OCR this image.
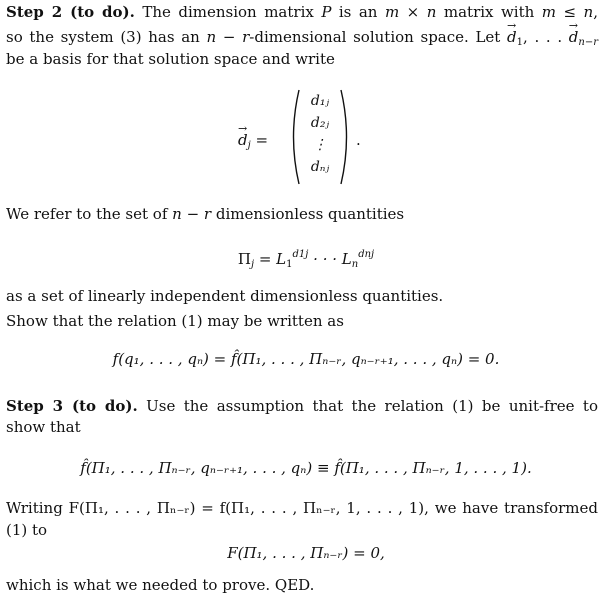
Step 2 (to do). The dimension matrix P is an m × n matrix with m ≤ n,
so the system (3) has an n − r-dimensional solution space. Let → $d_1$, . . . → $d_{n-r}$
be a basis for that solution space and write
→ $d_j$ =
d₁ⱼ
d₂ⱼ
⋮
dₙⱼ
.
We refer to the set of n − r dimensionless quantities
$\Pi_j = L_1^{d1j}$ · · · $L_n^{dnj}$
as a set of linearly independent dimensionless quantities.
Show that the relation (1) may be written as
f(q₁, . . . , qₙ) = f̂(Π₁, . . . , Πₙ₋ᵣ, qₙ₋ᵣ₊₁, . . . , qₙ) = 0.
Step 3 (to do). Use the assumption that the relation (1) be unit-free to
show that
f̂(Π₁, . . . , Πₙ₋ᵣ, qₙ₋ᵣ₊₁, . . . , qₙ) ≡ f̂(Π₁, . . . , Πₙ₋ᵣ, 1, . . . , 1).
Writing F(Π₁, . . . , Πₙ₋ᵣ) = f(Π₁, . . . , Πₙ₋ᵣ, 1, . . . , 1), we have transformed
(1) to
F(Π₁, . . . , Πₙ₋ᵣ) = 0,
which is what we needed to prove. QED.
